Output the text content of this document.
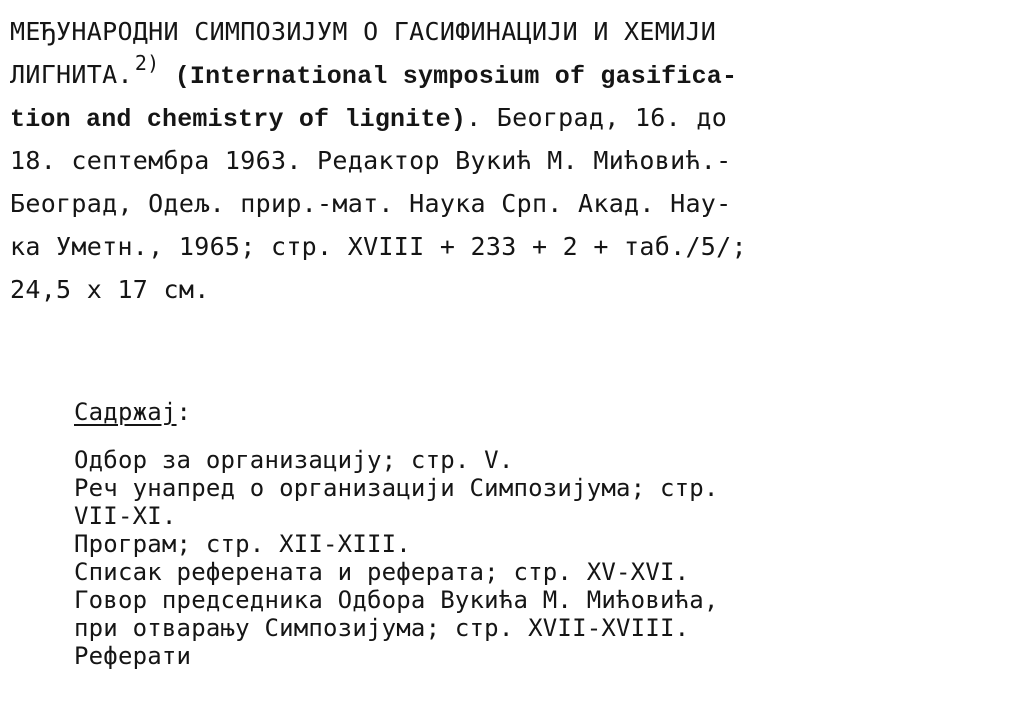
МЕЂУНАРОДНИ СИМПОЗИЈУМ О ГАСИФИНАЦИЈИ И ХЕМИЈИ
ЛИГНИТА. $^{2)}$ (International symposium of gasifica-
tion and chemistry of lignite). Београд, 16. до
18. септембра 1963. Редактор Вукић М. Мићовић.-
Београд, Одељ. прир.-мат. Наука Срп. Акад. Нау-
ка Уметн., 1965; стр. XVIII + 233 + 2 + таб./5/;
24,5 x 17 см.
Садржај:
Одбор за организацију; стр. V.
Реч унапред о организацији Симпозијума; стр.
VII-XI.
Програм; стр. XII-XIII.
Списак референата и реферата; стр. XV-XVI.
Говор председника Одбора Вукића М. Мићовића,
при отварању Симпозијума; стр. XVII-XVIII.
Реферати
